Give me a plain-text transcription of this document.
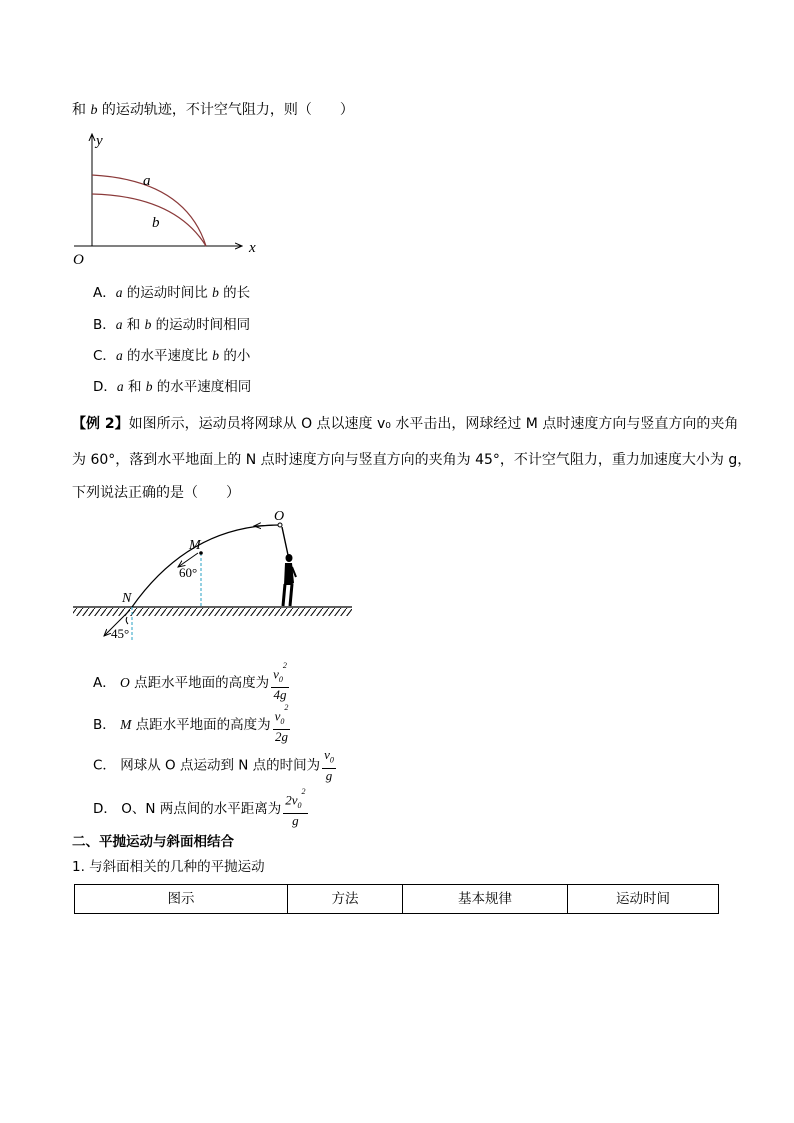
和 b 的运动轨迹，不计空气阻力，则（　　）
y
x
O
a
b
A．a 的运动时间比 b 的长
B．a 和 b 的运动时间相同
C．a 的水平速度比 b 的小
D．a 和 b 的水平速度相同
【例 2】如图所示，运动员将网球从 O 点以速度 v₀ 水平击出，网球经过 M 点时速度方向与竖直方向的夹角
为 60°，落到水平地面上的 N 点时速度方向与竖直方向的夹角为 45°，不计空气阻力，重力加速度大小为 g，
下列说法正确的是（　　）
O
M
N
60°
45°
A． O 点距水平地面的高度为 $\frac{v_0^2}{4g}$
B． M 点距水平地面的高度为 $\frac{v_0^2}{2g}$
C． 网球从 O 点运动到 N 点的时间为 $\frac{v_0}{g}$
D． O、N 两点间的水平距离为 $\frac{2v_0^2}{g}$
二、平抛运动与斜面相结合
1. 与斜面相关的几种的平抛运动
图示	方法	基本规律	运动时间
